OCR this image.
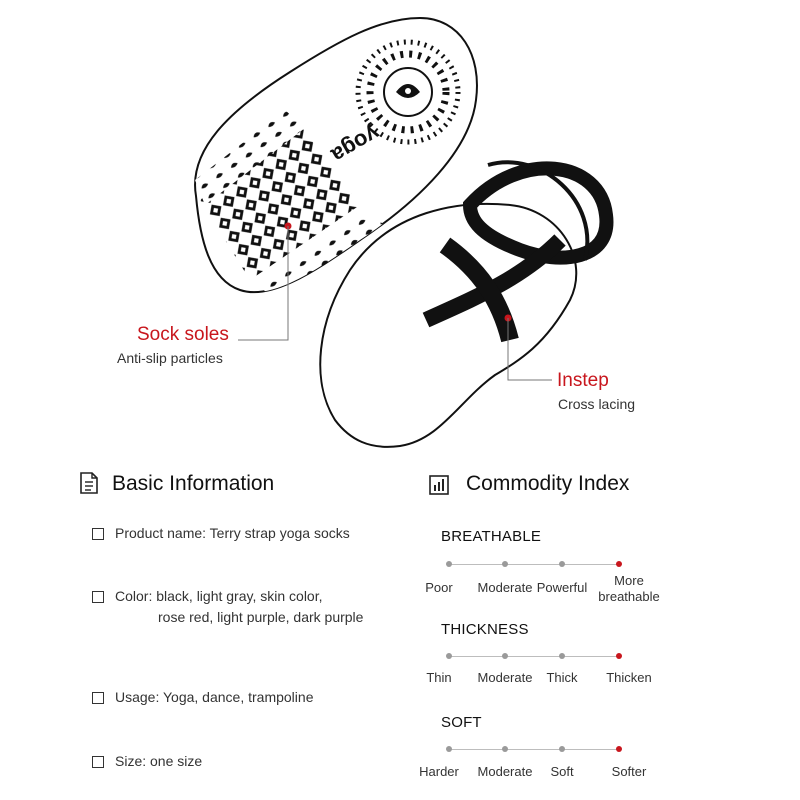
yoga
Sock soles
Anti-slip particles
Instep
Cross lacing
Basic Information
Product name: Terry strap yoga socks
Color: black, light gray, skin color,
rose red, light purple, dark purple
Usage: Yoga, dance, trampoline
Size: one size
Commodity Index
BREATHABLE
Poor Moderate Powerful	More
breathable
THICKNESS
Thin Moderate Thick Thicken
SOFT
Harder Moderate Soft	Softer
